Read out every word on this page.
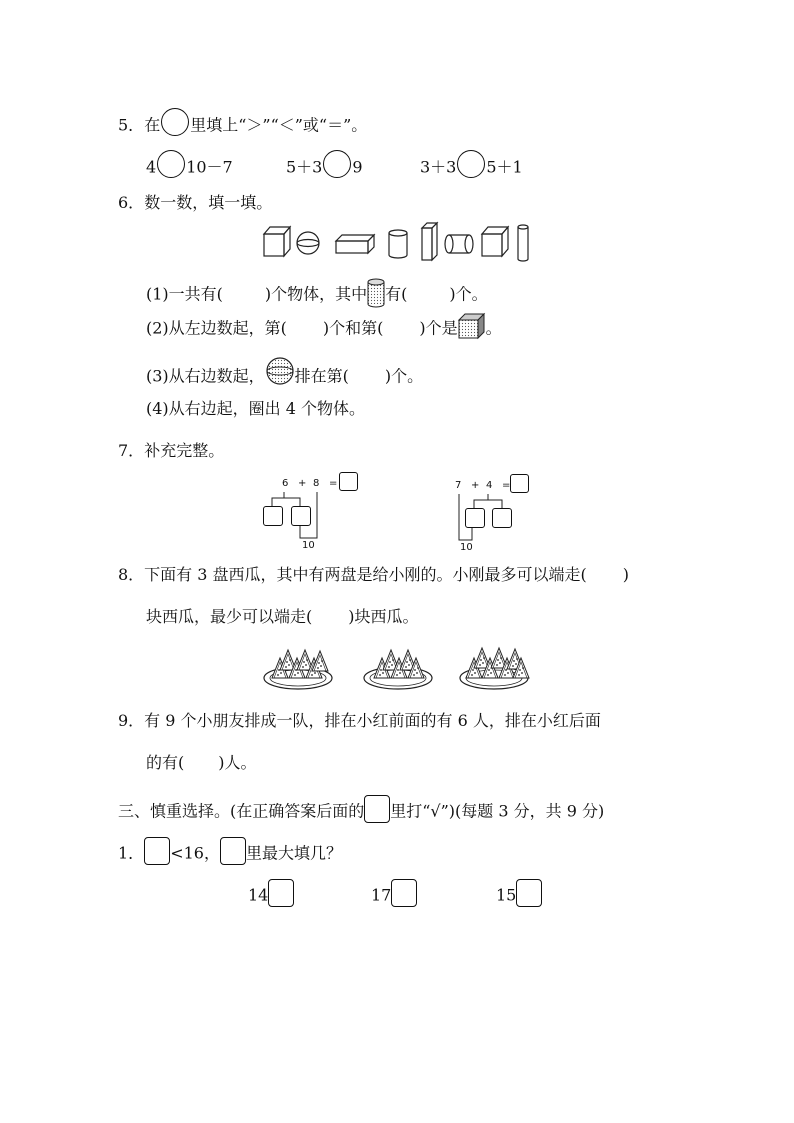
5．在 里填上“＞”“＜”或“＝”。
4 10－7	5＋3 9	3＋3 5＋1
6．数一数，填一填。
(1)一共有(	)个物体，其中 有(	)个。
(2)从左边数起，第( )个和第( )个是 。
(3)从右边数起， 排在第( )个。
(4)从右边起，圈出 4 个物体。
7．补充完整。
6 + 8 =
10
7 + 4 =
10
8．下面有 3 盘西瓜，其中有两盘是给小刚的。小刚最多可以端走( )
块西瓜，最少可以端走( )块西瓜。
9．有 9 个小朋友排成一队，排在小红前面的有 6 人，排在小红后面
的有( )人。
三、慎重选择。(在正确答案后面的 里打“√”)(每题 3 分，共 9 分)
1． <16， 里最大填几？
14	17	15
